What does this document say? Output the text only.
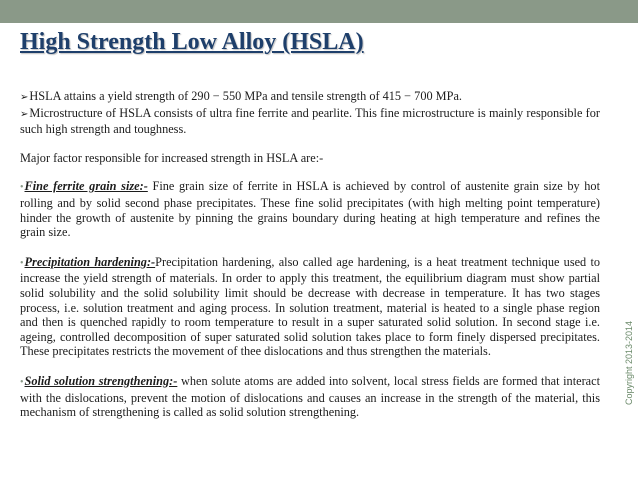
High Strength Low Alloy (HSLA)

➢HSLA attains a yield strength of 290 − 550 MPa and tensile strength of 415 − 700 MPa.

➢Microstructure of HSLA consists of ultra fine ferrite and pearlite. This fine microstructure is mainly responsible for such high strength and toughness.

Major factor responsible for increased strength in HSLA are:-

•Fine ferrite grain size:- Fine grain size of ferrite in HSLA is achieved by control of austenite grain size by hot rolling and by solid second phase precipitates. These fine solid precipitates (with high melting point temperature) hinder the growth of austenite by pinning the grains boundary during heating at high temperature and refines the grain size.

•Precipitation hardening:-Precipitation hardening, also called age hardening, is a heat treatment technique used to increase the yield strength of materials. In order to apply this treatment, the equilibrium diagram must show partial solid solubility and the solid solubility limit should be decrease with decrease in temperature. It has two stages process, i.e. solution treatment and aging process. In solution treatment, material is heated to a single phase region and then is quenched rapidly to room temperature to result in a super saturated solid solution. In second stage i.e. ageing, controlled decomposition of super saturated solid solution takes place to form finely dispersed precipitates. These precipitates restricts the movement of thee dislocations and thus strengthen the materials.

•Solid solution strengthening:- when solute atoms are added into solvent, local stress fields are formed that interact with the dislocations, prevent the motion of dislocations and causes an increase in the strength of the material, this mechanism of strengthening is called as solid solution strengthening.

Copyright 2013-2014
